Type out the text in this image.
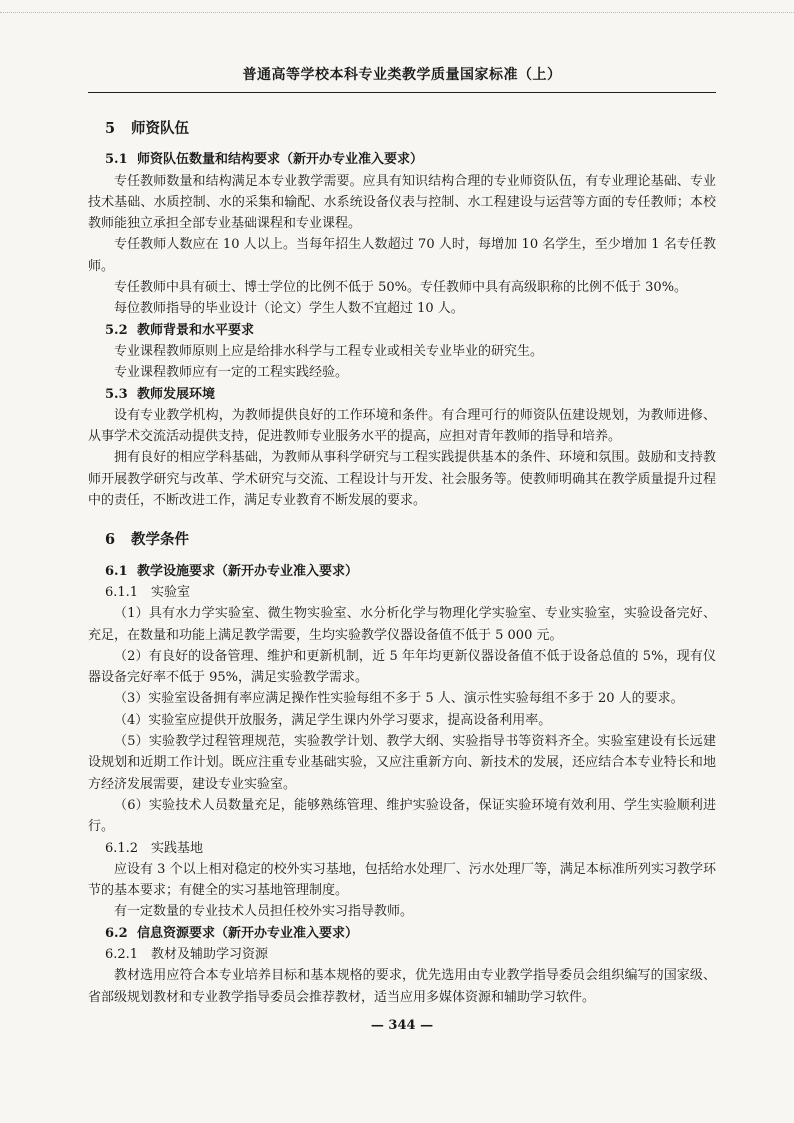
普通高等学校本科专业类教学质量国家标准（上）
5 师资队伍
5.1 师资队伍数量和结构要求（新开办专业准入要求）

专任教师数量和结构满足本专业教学需要。应具有知识结构合理的专业师资队伍，有专业理论基础、专业技术基础、水质控制、水的采集和输配、水系统设备仪表与控制、水工程建设与运营等方面的专任教师；本校教师能独立承担全部专业基础课程和专业课程。

专任教师人数应在 10 人以上。当每年招生人数超过 70 人时，每增加 10 名学生，至少增加 1 名专任教师。

专任教师中具有硕士、博士学位的比例不低于 50%。专任教师中具有高级职称的比例不低于 30%。

每位教师指导的毕业设计（论文）学生人数不宜超过 10 人。

5.2 教师背景和水平要求

专业课程教师原则上应是给排水科学与工程专业或相关专业毕业的研究生。

专业课程教师应有一定的工程实践经验。

5.3 教师发展环境

设有专业教学机构，为教师提供良好的工作环境和条件。有合理可行的师资队伍建设规划，为教师进修、从事学术交流活动提供支持，促进教师专业服务水平的提高，应担对青年教师的指导和培养。

拥有良好的相应学科基础，为教师从事科学研究与工程实践提供基本的条件、环境和氛围。鼓励和支持教师开展教学研究与改革、学术研究与交流、工程设计与开发、社会服务等。使教师明确其在教学质量提升过程中的责任，不断改进工作，满足专业教育不断发展的要求。

6 教学条件
6.1 教学设施要求（新开办专业准入要求）
6.1.1 实验室

（1）具有水力学实验室、微生物实验室、水分析化学与物理化学实验室、专业实验室，实验设备完好、充足，在数量和功能上满足教学需要，生均实验教学仪器设备值不低于 5 000 元。

（2）有良好的设备管理、维护和更新机制，近 5 年年均更新仪器设备值不低于设备总值的 5%，现有仪器设备完好率不低于 95%，满足实验教学需求。

（3）实验室设备拥有率应满足操作性实验每组不多于 5 人、演示性实验每组不多于 20 人的要求。

（4）实验室应提供开放服务，满足学生课内外学习要求，提高设备利用率。

（5）实验教学过程管理规范，实验教学计划、教学大纲、实验指导书等资料齐全。实验室建设有长远建设规划和近期工作计划。既应注重专业基础实验，又应注重新方向、新技术的发展，还应结合本专业特长和地方经济发展需要，建设专业实验室。

（6）实验技术人员数量充足，能够熟练管理、维护实验设备，保证实验环境有效利用、学生实验顺利进行。

6.1.2 实践基地

应设有 3 个以上相对稳定的校外实习基地，包括给水处理厂、污水处理厂等，满足本标准所列实习教学环节的基本要求；有健全的实习基地管理制度。

有一定数量的专业技术人员担任校外实习指导教师。

6.2 信息资源要求（新开办专业准入要求）
6.2.1 教材及辅助学习资源

教材选用应符合本专业培养目标和基本规格的要求，优先选用由专业教学指导委员会组织编写的国家级、省部级规划教材和专业教学指导委员会推荐教材，适当应用多媒体资源和辅助学习软件。

— 344 —
